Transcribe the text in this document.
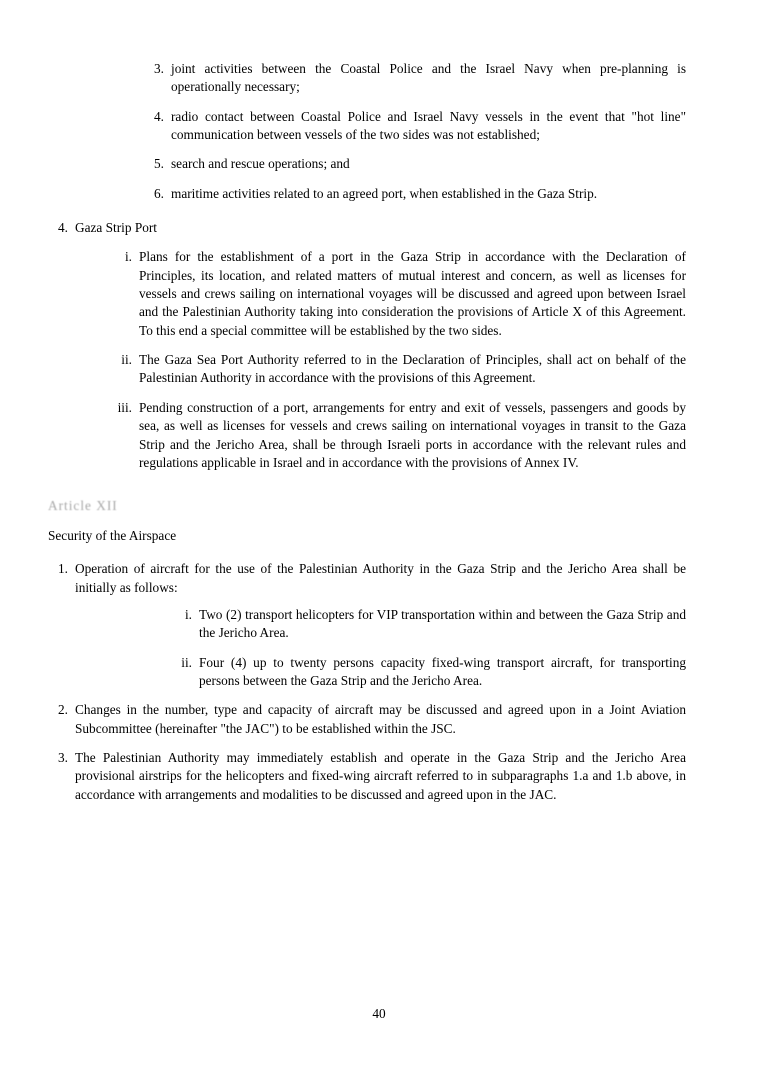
3. joint activities between the Coastal Police and the Israel Navy when pre-planning is operationally necessary;
4. radio contact between Coastal Police and Israel Navy vessels in the event that "hot line" communication between vessels of the two sides was not established;
5. search and rescue operations; and
6. maritime activities related to an agreed port, when established in the Gaza Strip.
4. Gaza Strip Port
i. Plans for the establishment of a port in the Gaza Strip in accordance with the Declaration of Principles, its location, and related matters of mutual interest and concern, as well as licenses for vessels and crews sailing on international voyages will be discussed and agreed upon between Israel and the Palestinian Authority taking into consideration the provisions of Article X of this Agreement. To this end a special committee will be established by the two sides.
ii. The Gaza Sea Port Authority referred to in the Declaration of Principles, shall act on behalf of the Palestinian Authority in accordance with the provisions of this Agreement.
iii. Pending construction of a port, arrangements for entry and exit of vessels, passengers and goods by sea, as well as licenses for vessels and crews sailing on international voyages in transit to the Gaza Strip and the Jericho Area, shall be through Israeli ports in accordance with the relevant rules and regulations applicable in Israel and in accordance with the provisions of Annex IV.
Article XII
Security of the Airspace
1. Operation of aircraft for the use of the Palestinian Authority in the Gaza Strip and the Jericho Area shall be initially as follows:
i. Two (2) transport helicopters for VIP transportation within and between the Gaza Strip and the Jericho Area.
ii. Four (4) up to twenty persons capacity fixed-wing transport aircraft, for transporting persons between the Gaza Strip and the Jericho Area.
2. Changes in the number, type and capacity of aircraft may be discussed and agreed upon in a Joint Aviation Subcommittee (hereinafter "the JAC") to be established within the JSC.
3. The Palestinian Authority may immediately establish and operate in the Gaza Strip and the Jericho Area provisional airstrips for the helicopters and fixed-wing aircraft referred to in subparagraphs 1.a and 1.b above, in accordance with arrangements and modalities to be discussed and agreed upon in the JAC.
40
